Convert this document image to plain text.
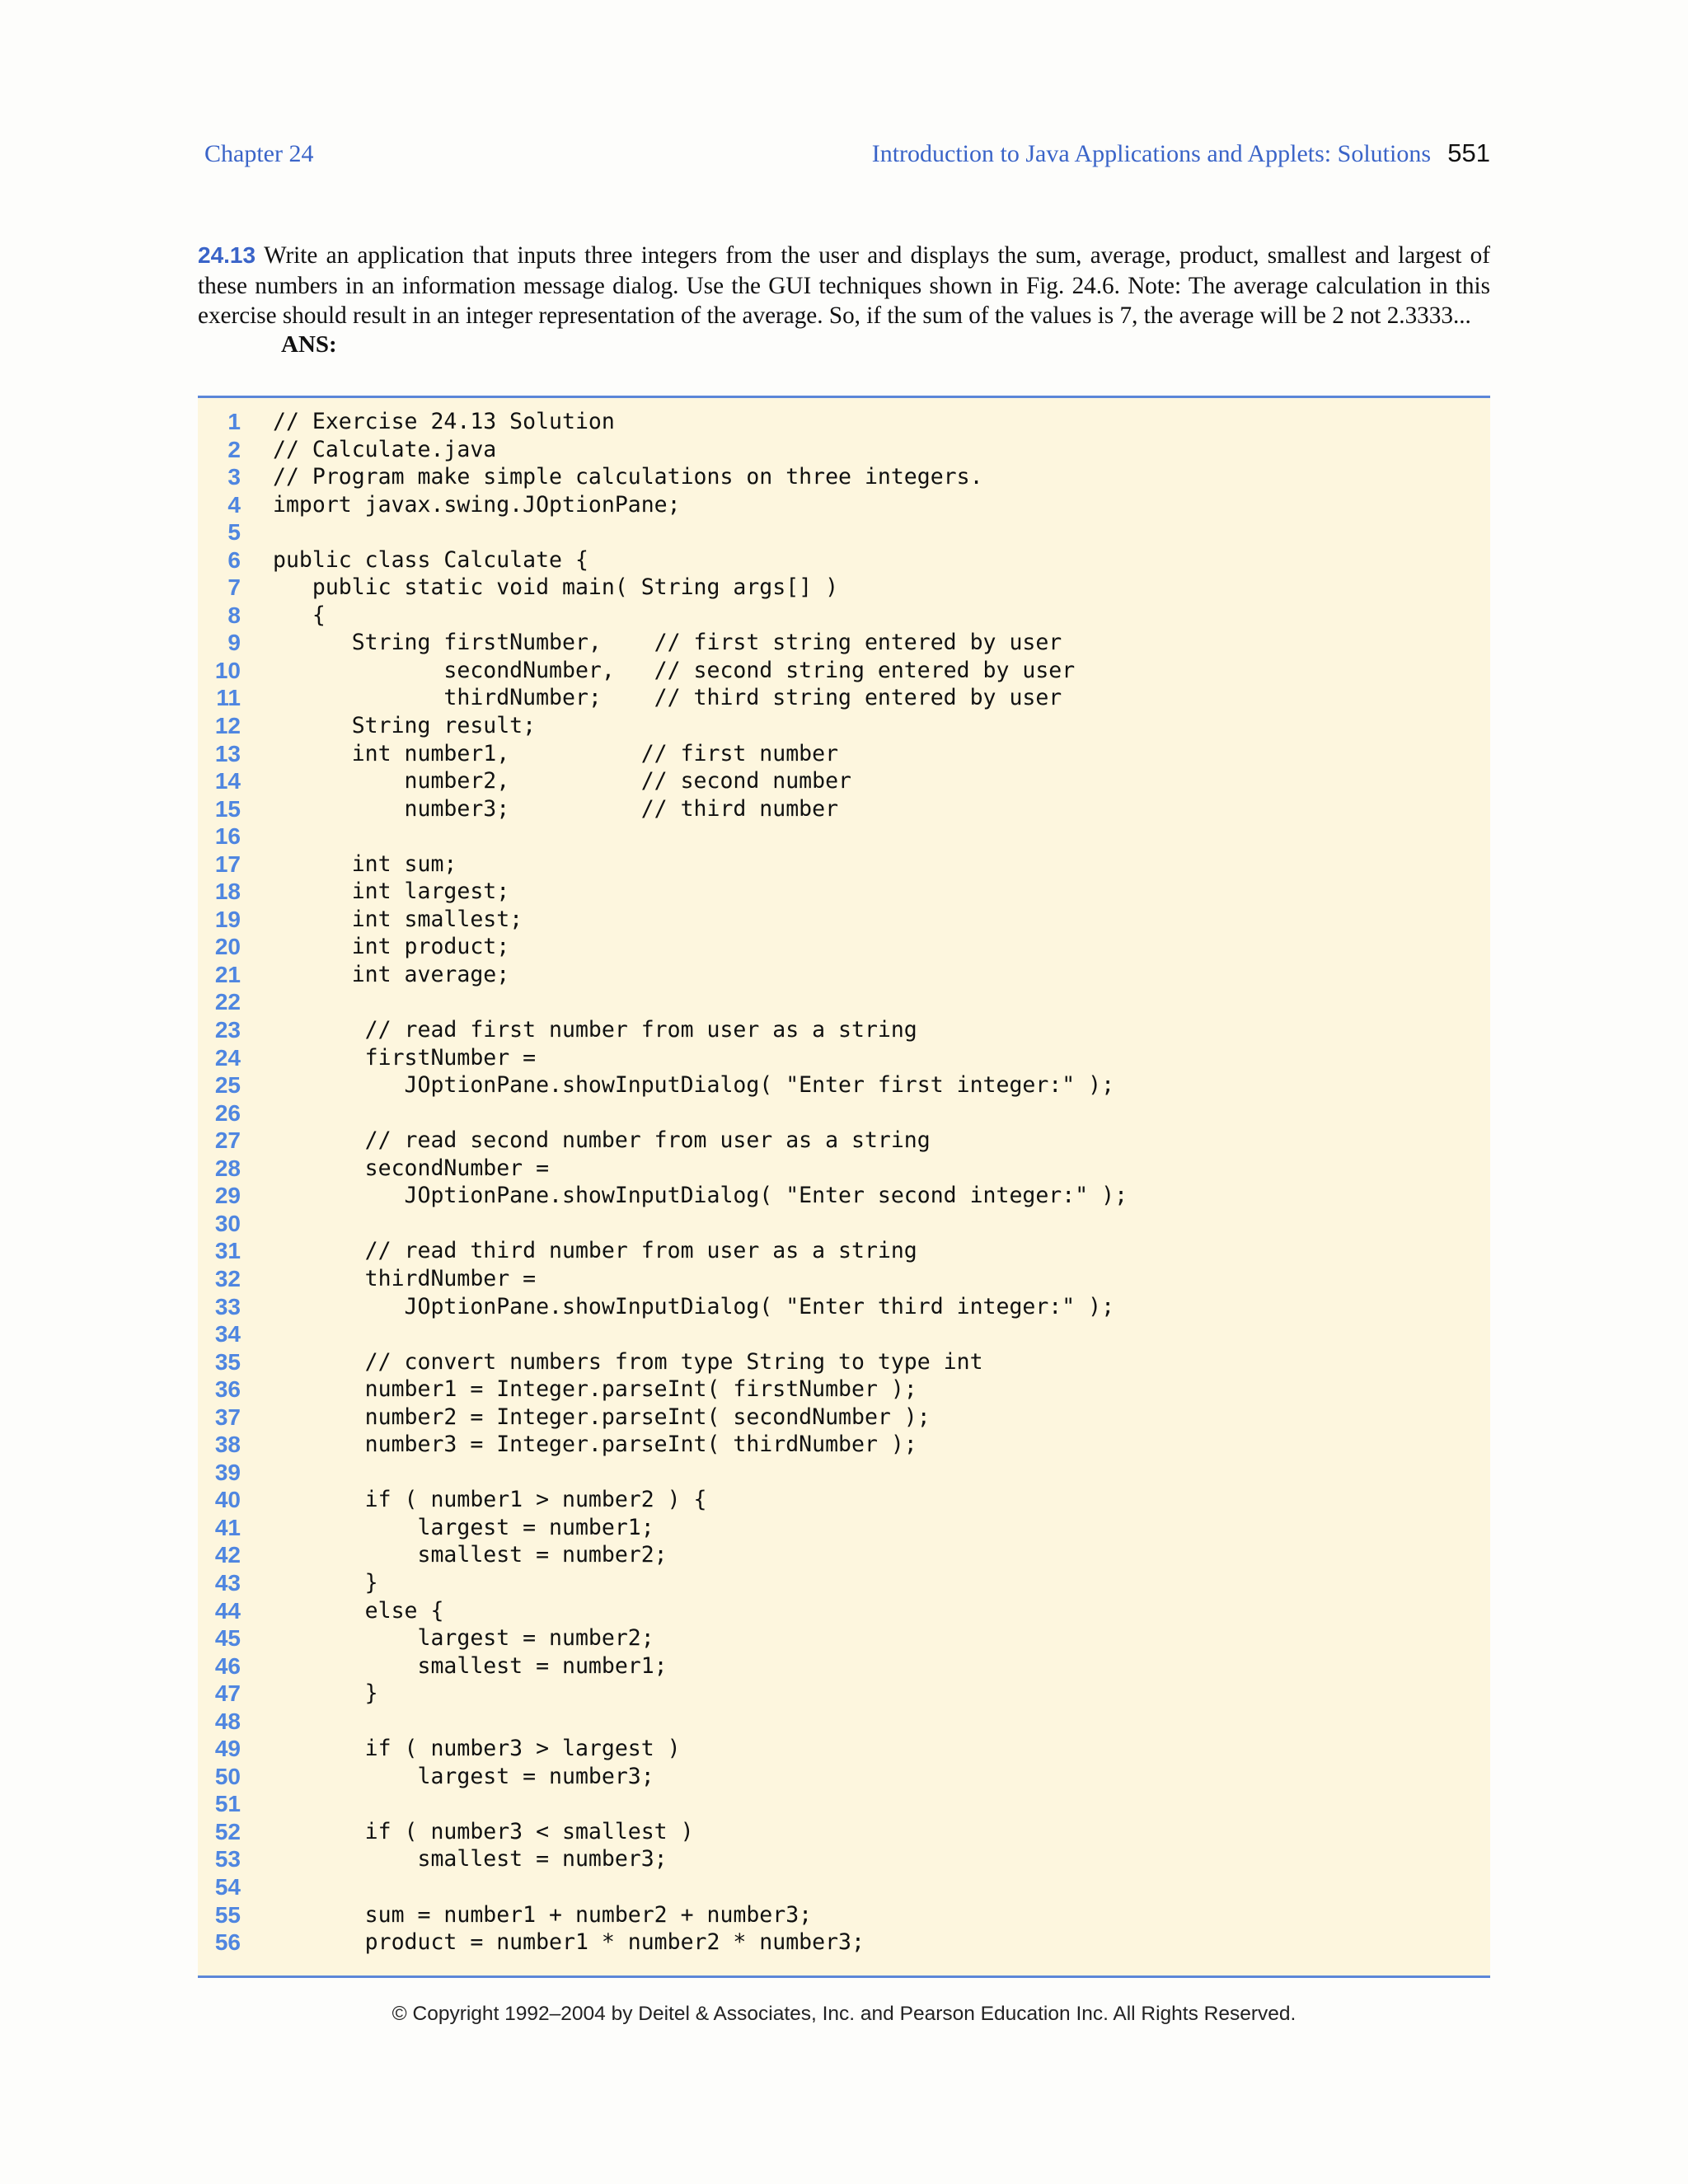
Chapter 24	Introduction to Java Applications and Applets: Solutions 551
24.13 Write an application that inputs three integers from the user and displays the sum, average, product, smallest and largest of these numbers in an information message dialog. Use the GUI techniques shown in Fig. 24.6. Note: The average calculation in this exercise should result in an integer representation of the average. So, if the sum of the values is 7, the average will be 2 not 2.3333...
ANS:
1 // Exercise 24.13 Solution
2 // Calculate.java
3 // Program make simple calculations on three integers.
4 import javax.swing.JOptionPane;
5
6 public class Calculate {
7 public static void main( String args[] )
8 {
9 String firstNumber,    // first string entered by user
10 secondNumber,   // second string entered by user
11 thirdNumber;    // third string entered by user
12 String result;
13 int number1,          // first number
14 number2,          // second number
15 number3;          // third number
16
17 int sum;
18 int largest;
19 int smallest;
20 int product;
21 int average;
22
23 // read first number from user as a string
24 firstNumber =
25 JOptionPane.showInputDialog( "Enter first integer:" );
26
27 // read second number from user as a string
28 secondNumber =
29 JOptionPane.showInputDialog( "Enter second integer:" );
30
31 // read third number from user as a string
32 thirdNumber =
33 JOptionPane.showInputDialog( "Enter third integer:" );
34
35 // convert numbers from type String to type int
36 number1 = Integer.parseInt( firstNumber );
37 number2 = Integer.parseInt( secondNumber );
38 number3 = Integer.parseInt( thirdNumber );
39
40 if ( number1 > number2 ) {
41 largest = number1;
42 smallest = number2;
43 }
44 else {
45 largest = number2;
46 smallest = number1;
47 }
48
49 if ( number3 > largest )
50 largest = number3;
51
52 if ( number3 < smallest )
53 smallest = number3;
54
55 sum = number1 + number2 + number3;
56 product = number1 * number2 * number3;
© Copyright 1992–2004 by Deitel & Associates, Inc. and Pearson Education Inc. All Rights Reserved.
